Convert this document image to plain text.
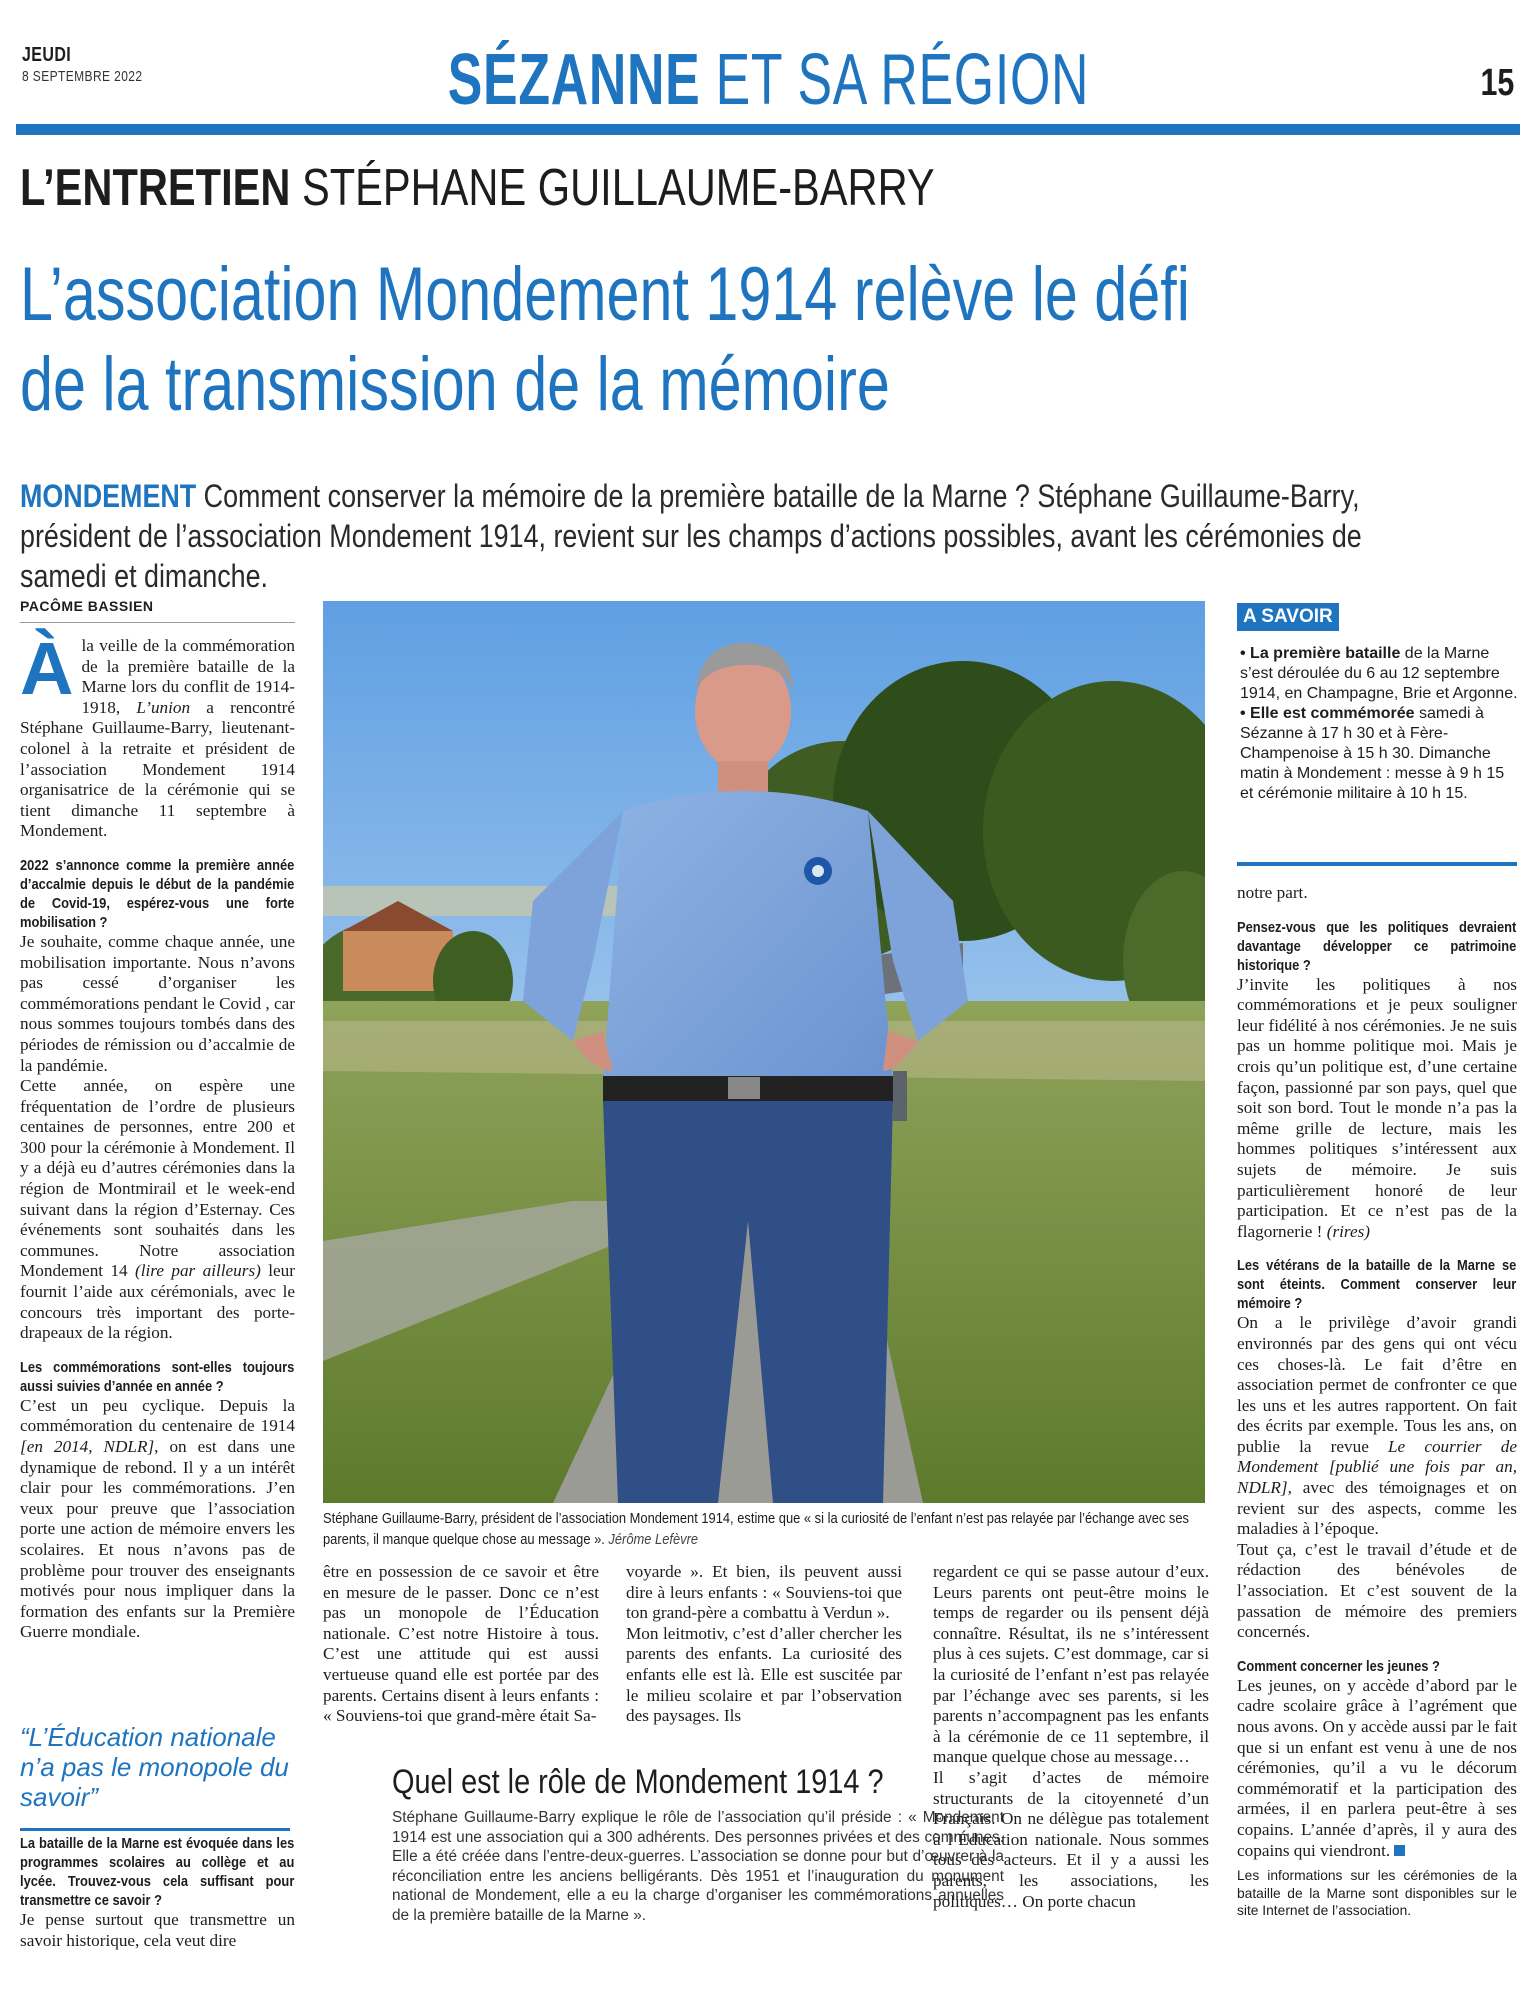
JEUDI
8 SEPTEMBRE 2022	SÉZANNE ET SA RÉGION	15
L’ENTRETIEN STÉPHANE GUILLAUME-BARRY
L’association Mondement 1914 relève le défi
de la transmission de la mémoire
MONDEMENT Comment conserver la mémoire de la première bataille de la Marne ? Stéphane Guillaume-Barry, président de l’association Mondement 1914, revient sur les champs d’actions possibles, avant les cérémonies de samedi et dimanche.
PACÔME BASSIEN

Àla veille de la commémoration de la première bataille de la Marne lors du conflit de 1914-1918, L’union a rencontré Stéphane Guillaume-Barry, lieutenant-colonel à la retraite et président de l’association Mondement 1914 organisatrice de la cérémonie qui se tient dimanche 11 septembre à Mondement.

2022 s’annonce comme la première année d’accalmie depuis le début de la pandémie de Covid-19, espérez-vous une forte mobilisation ?

Je souhaite, comme chaque année, une mobilisation importante. Nous n’avons pas cessé d’organiser les commémorations pendant le Covid , car nous sommes toujours tombés dans des périodes de rémission ou d’accalmie de la pandémie.

Cette année, on espère une fréquentation de l’ordre de plusieurs centaines de personnes, entre 200 et 300 pour la cérémonie à Mondement. Il y a déjà eu d’autres cérémonies dans la région de Montmirail et le week-end suivant dans la région d’Esternay. Ces événements sont souhaités dans les communes. Notre association Mondement 14 (lire par ailleurs) leur fournit l’aide aux cérémonials, avec le concours très important des porte-drapeaux de la région.

Les commémorations sont-elles toujours aussi suivies d’année en année ?

C’est un peu cyclique. Depuis la commémoration du centenaire de 1914 [en 2014, NDLR], on est dans une dynamique de rebond. Il y a un intérêt clair pour les commémorations. J’en veux pour preuve que l’association porte une action de mémoire envers les scolaires. Et nous n’avons pas de problème pour trouver des enseignants motivés pour nous impliquer dans la formation des enfants sur la Première Guerre mondiale.

“L’Éducation nationale n’a pas le monopole du savoir”

La bataille de la Marne est évoquée dans les programmes scolaires au collège et au lycée. Trouvez-vous cela suffisant pour transmettre ce savoir ?

Je pense surtout que transmettre un savoir historique, cela veut dire

Stéphane Guillaume-Barry, président de l’association Mondement 1914, estime que « si la curiosité de l’enfant n’est pas relayée par l’échange avec ses parents, il manque quelque chose au message ». Jérôme Lefèvre

être en possession de ce savoir et être en mesure de le passer. Donc ce n’est pas un monopole de l’Éducation nationale. C’est notre Histoire à tous. C’est une attitude qui est aussi vertueuse quand elle est portée par des parents. Certains disent à leurs enfants : « Souviens-toi que grand-mère était Sa-

voyarde ». Et bien, ils peuvent aussi dire à leurs enfants : « Souviens-toi que ton grand-père a combattu à Verdun ».

Mon leitmotiv, c’est d’aller chercher les parents des enfants. La curiosité des enfants elle est là. Elle est suscitée par le milieu scolaire et par l’observation des paysages. Ils

regardent ce qui se passe autour d’eux. Leurs parents ont peut-être moins le temps de regarder ou ils pensent déjà connaître. Résultat, ils ne s’intéressent plus à ces sujets. C’est dommage, car si la curiosité de l’enfant n’est pas relayée par l’échange avec ses parents, si les parents n’accompagnent pas les enfants à la cérémonie de ce 11 septembre, il manque quelque chose au message…

Il s’agit d’actes de mémoire structurants de la citoyenneté d’un Français. On ne délègue pas totalement à l’Éducation nationale. Nous sommes tous des acteurs. Et il y a aussi les parents, les associations, les politiques… On porte chacun

Quel est le rôle de Mondement 1914 ?
Stéphane Guillaume-Barry explique le rôle de l’association qu’il préside : « Mondement 1914 est une association qui a 300 adhérents. Des personnes privées et des communes. Elle a été créée dans l’entre-deux-guerres. L’association se donne pour but d’œuvrer à la réconciliation entre les anciens belligérants. Dès 1951 et l’inauguration du monument national de Mondement, elle a eu la charge d’organiser les commémorations annuelles de la première bataille de la Marne ».
A SAVOIR
• La première bataille de la Marne s’est déroulée du 6 au 12 septembre 1914, en Champagne, Brie et Argonne.
• Elle est commémorée samedi à Sézanne à 17 h 30 et à Fère-Champenoise à 15 h 30. Dimanche matin à Mondement : messe à 9 h 15 et cérémonie militaire à 10 h 15.

notre part.

Pensez-vous que les politiques devraient davantage développer ce patrimoine historique ?

J’invite les politiques à nos commémorations et je peux souligner leur fidélité à nos cérémonies. Je ne suis pas un homme politique moi. Mais je crois qu’un politique est, d’une certaine façon, passionné par son pays, quel que soit son bord. Tout le monde n’a pas la même grille de lecture, mais les hommes politiques s’intéressent aux sujets de mémoire. Je suis particulièrement honoré de leur participation. Et ce n’est pas de la flagornerie ! (rires)

Les vétérans de la bataille de la Marne se sont éteints. Comment conserver leur mémoire ?

On a le privilège d’avoir grandi environnés par des gens qui ont vécu ces choses-là. Le fait d’être en association permet de confronter ce que les uns et les autres rapportent. On fait des écrits par exemple. Tous les ans, on publie la revue Le courrier de Mondement [publié une fois par an, NDLR], avec des témoignages et on revient sur des aspects, comme les maladies à l’époque.

Tout ça, c’est le travail d’étude et de rédaction des bénévoles de l’association. Et c’est souvent de la passation de mémoire des premiers concernés.

Comment concerner les jeunes ?

Les jeunes, on y accède d’abord par le cadre scolaire grâce à l’agrément que nous avons. On y accède aussi par le fait que si un enfant est venu à une de nos cérémonies, qu’il a vu le décorum commémoratif et la participation des armées, il en parlera peut-être à ses copains. L’année d’après, il y aura des copains qui viendront.

Les informations sur les cérémonies de la bataille de la Marne sont disponibles sur le site Internet de l’association.
